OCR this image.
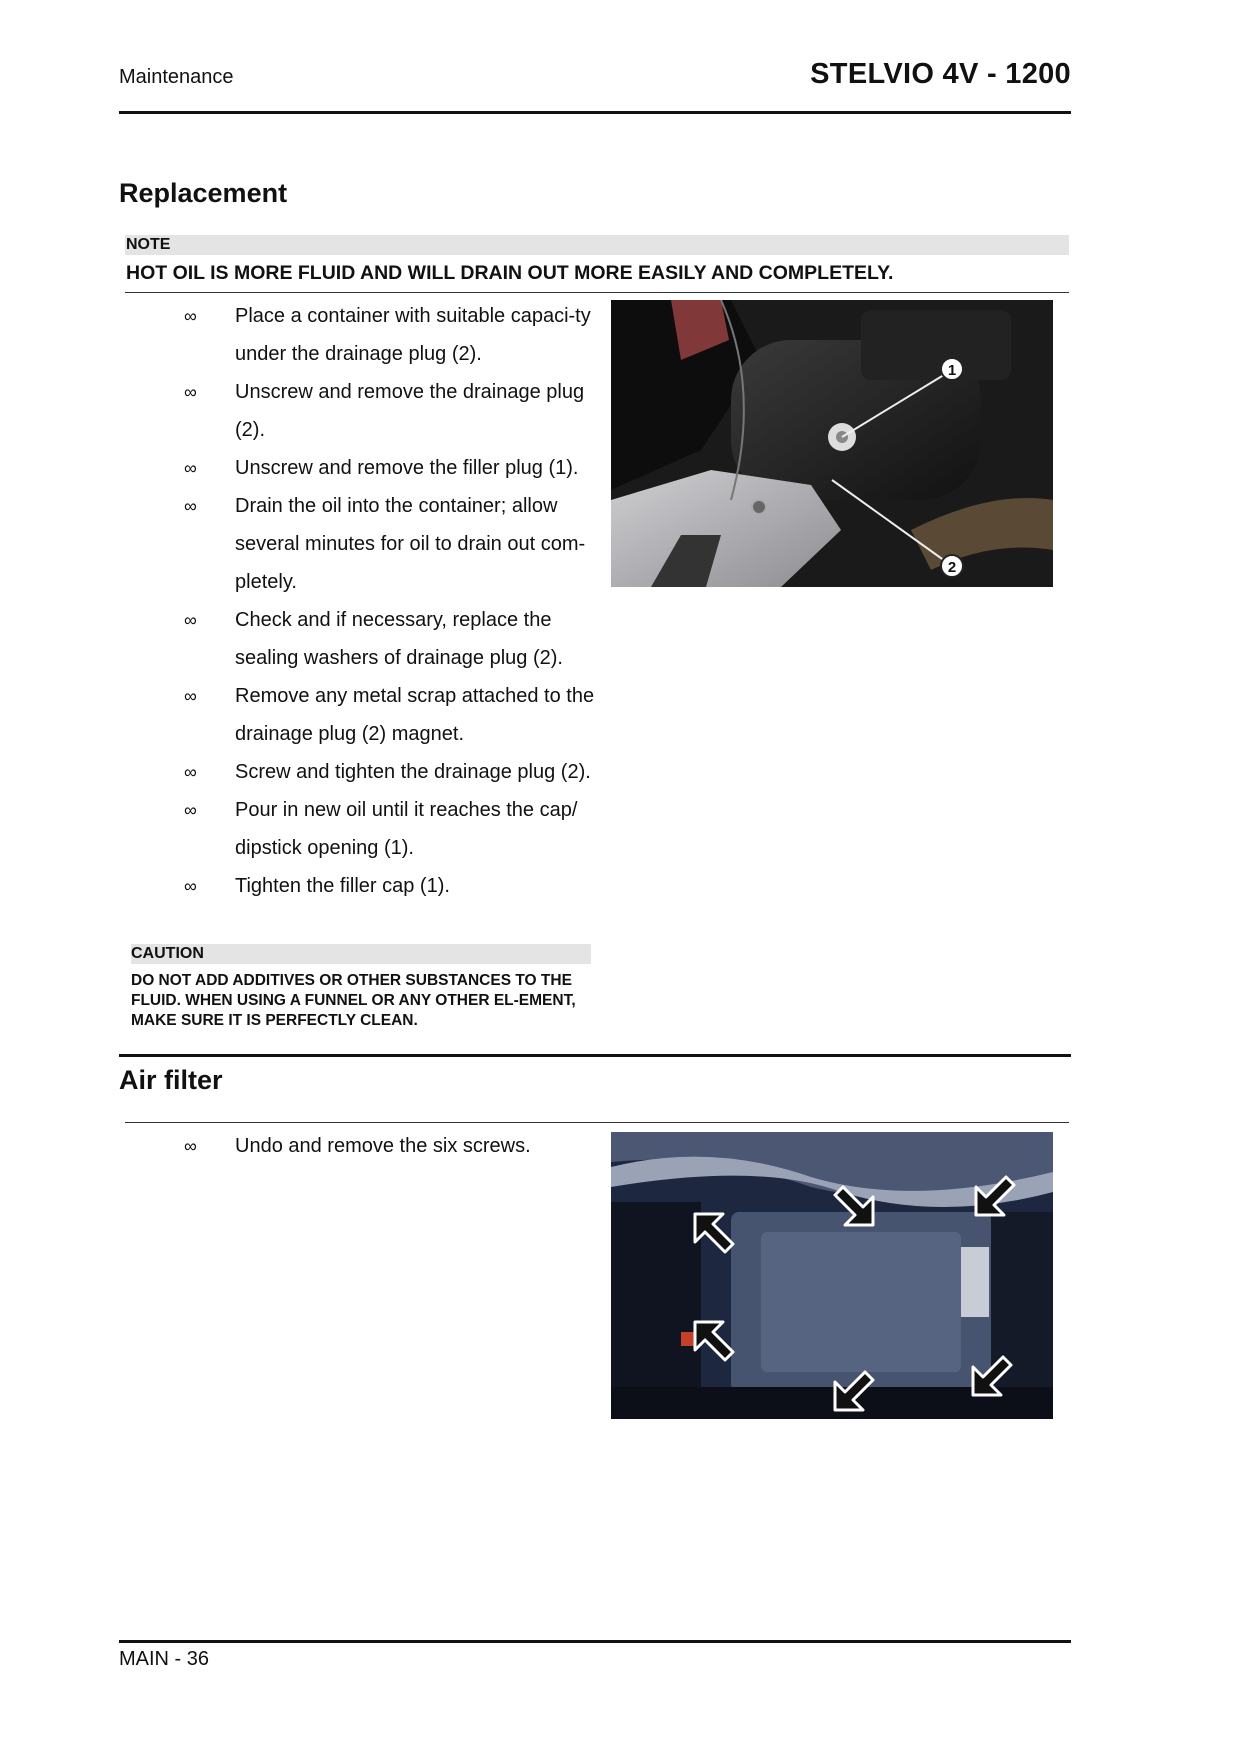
Maintenance	STELVIO 4V - 1200
Replacement
NOTE
HOT OIL IS MORE FLUID AND WILL DRAIN OUT MORE EASILY AND COMPLETELY.
∞	Place a container with suitable capaci-ty under the drainage plug (2).
∞	Unscrew and remove the drainage plug (2).
∞	Unscrew and remove the filler plug (1).
∞	Drain the oil into the container; allow several minutes for oil to drain out com-pletely.
∞	Check and if necessary, replace the sealing washers of drainage plug (2).
∞	Remove any metal scrap attached to the drainage plug (2) magnet.
∞	Screw and tighten the drainage plug (2).
∞	Pour in new oil until it reaches the cap/ dipstick opening (1).
∞	Tighten the filler cap (1).
1
2
CAUTION
DO NOT ADD ADDITIVES OR OTHER SUBSTANCES TO THE FLUID. WHEN USING A FUNNEL OR ANY OTHER EL-EMENT, MAKE SURE IT IS PERFECTLY CLEAN.
Air filter
∞	Undo and remove the six screws.
MAIN - 36
